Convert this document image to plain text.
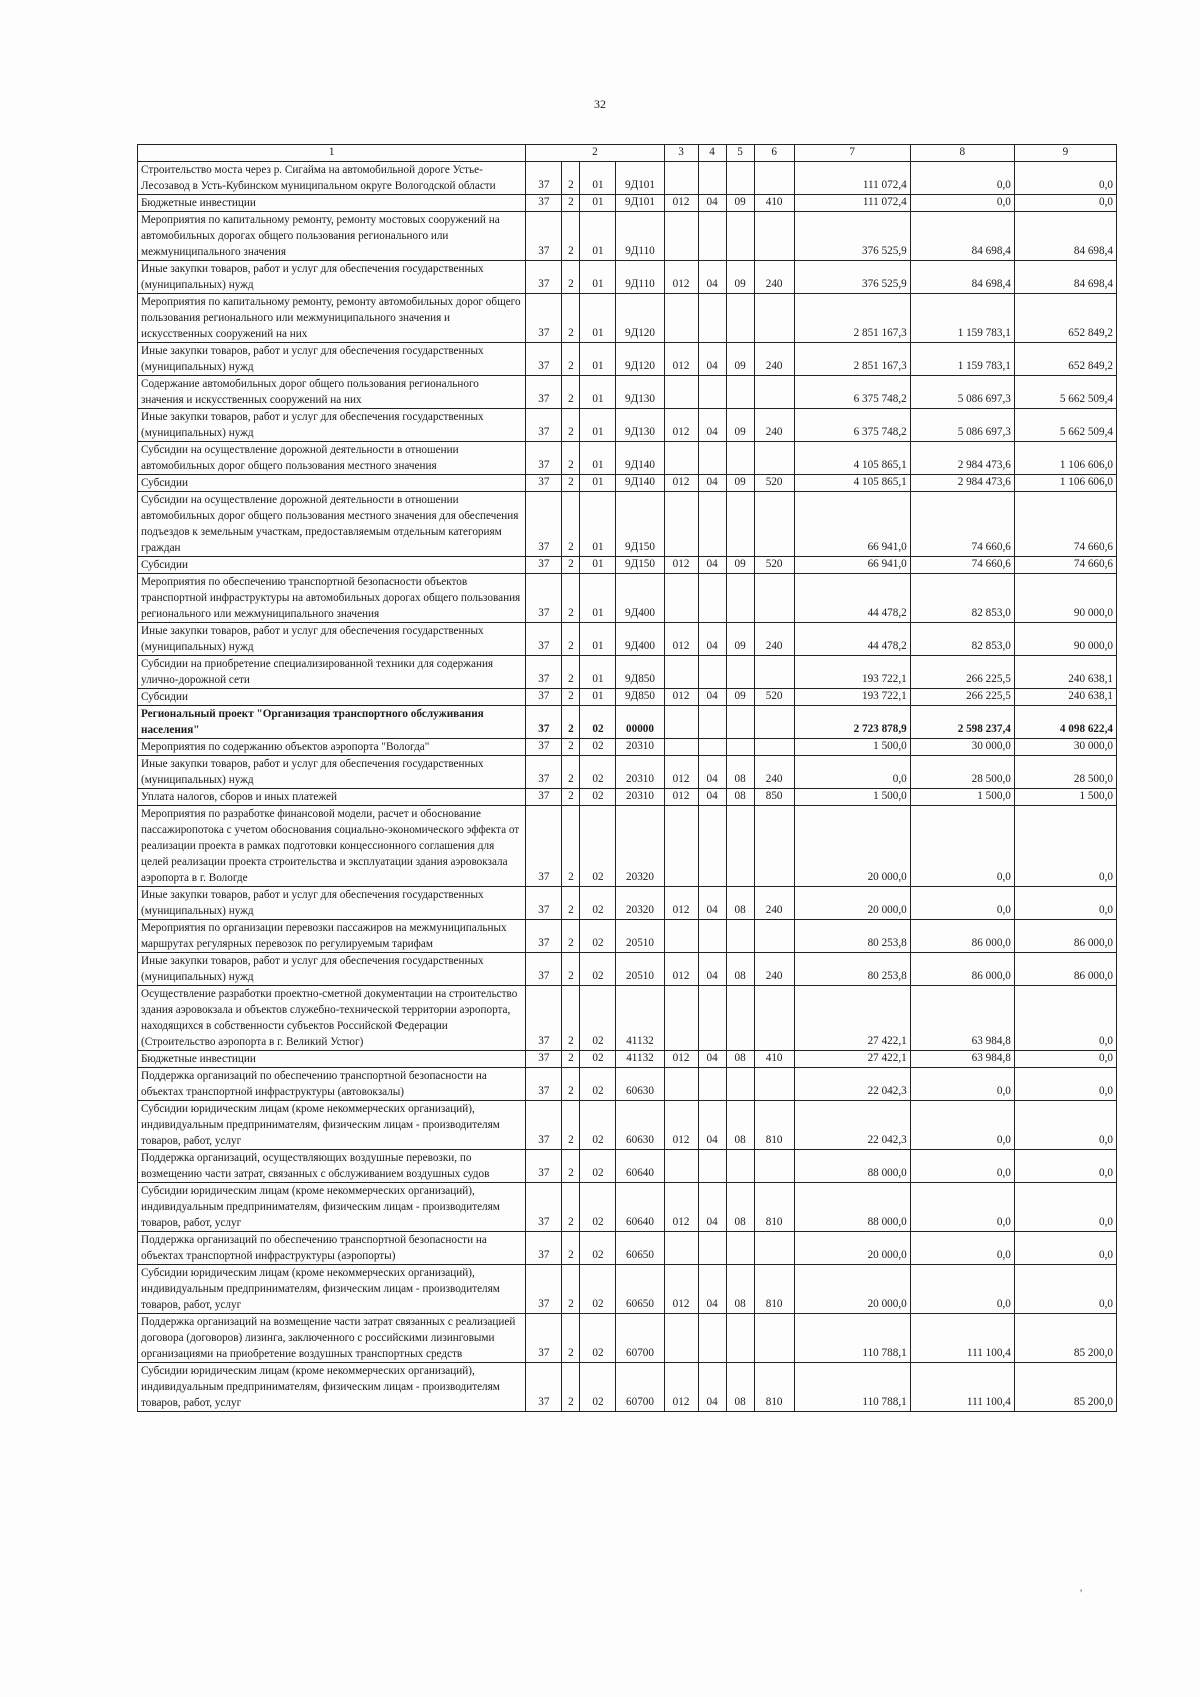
32
1	2				3	4	5	6	7	8	9
Строительство моста через р. Сигайма на автомобильной дороге Устье-Лесозавод в Усть-Кубинском муниципальном округе Вологодской области	37	2	01	9Д101					111 072,4	0,0	0,0
Бюджетные инвестиции	37	2	01	9Д101	012	04	09	410	111 072,4	0,0	0,0
Мероприятия по капитальному ремонту, ремонту мостовых сооружений на автомобильных дорогах общего пользования регионального или межмуниципального значения	37	2	01	9Д110					376 525,9	84 698,4	84 698,4
Иные закупки товаров, работ и услуг для обеспечения государственных (муниципальных) нужд	37	2	01	9Д110	012	04	09	240	376 525,9	84 698,4	84 698,4
Мероприятия по капитальному ремонту, ремонту автомобильных дорог общего пользования регионального или межмуниципального значения и искусственных сооружений на них	37	2	01	9Д120					2 851 167,3	1 159 783,1	652 849,2
Иные закупки товаров, работ и услуг для обеспечения государственных (муниципальных) нужд	37	2	01	9Д120	012	04	09	240	2 851 167,3	1 159 783,1	652 849,2
Содержание автомобильных дорог общего пользования регионального значения и искусственных сооружений на них	37	2	01	9Д130					6 375 748,2	5 086 697,3	5 662 509,4
Иные закупки товаров, работ и услуг для обеспечения государственных (муниципальных) нужд	37	2	01	9Д130	012	04	09	240	6 375 748,2	5 086 697,3	5 662 509,4
Субсидии на осуществление дорожной деятельности в отношении автомобильных дорог общего пользования местного значения	37	2	01	9Д140					4 105 865,1	2 984 473,6	1 106 606,0
Субсидии	37	2	01	9Д140	012	04	09	520	4 105 865,1	2 984 473,6	1 106 606,0
Субсидии на осуществление дорожной деятельности в отношении автомобильных дорог общего пользования местного значения для обеспечения подъездов к земельным участкам, предоставляемым отдельным категориям граждан	37	2	01	9Д150					66 941,0	74 660,6	74 660,6
Субсидии	37	2	01	9Д150	012	04	09	520	66 941,0	74 660,6	74 660,6
Мероприятия по обеспечению транспортной безопасности объектов транспортной инфраструктуры на автомобильных дорогах общего пользования регионального или межмуниципального значения	37	2	01	9Д400					44 478,2	82 853,0	90 000,0
Иные закупки товаров, работ и услуг для обеспечения государственных (муниципальных) нужд	37	2	01	9Д400	012	04	09	240	44 478,2	82 853,0	90 000,0
Субсидии на приобретение специализированной техники для содержания улично-дорожной сети	37	2	01	9Д850					193 722,1	266 225,5	240 638,1
Субсидии	37	2	01	9Д850	012	04	09	520	193 722,1	266 225,5	240 638,1
Региональный проект "Организация транспортного обслуживания населения"	37	2	02	00000					2 723 878,9	2 598 237,4	4 098 622,4
Мероприятия по содержанию объектов аэропорта "Вологда"	37	2	02	20310					1 500,0	30 000,0	30 000,0
Иные закупки товаров, работ и услуг для обеспечения государственных (муниципальных) нужд	37	2	02	20310	012	04	08	240	0,0	28 500,0	28 500,0
Уплата налогов, сборов и иных платежей	37	2	02	20310	012	04	08	850	1 500,0	1 500,0	1 500,0
Мероприятия по разработке финансовой модели, расчет и обоснование пассажиропотока с учетом обоснования социально-экономического эффекта от реализации проекта в рамках подготовки концессионного соглашения для целей реализации проекта строительства и эксплуатации здания аэровокзала аэропорта в г. Вологде	37	2	02	20320					20 000,0	0,0	0,0
Иные закупки товаров, работ и услуг для обеспечения государственных (муниципальных) нужд	37	2	02	20320	012	04	08	240	20 000,0	0,0	0,0
Мероприятия по организации перевозки пассажиров на межмуниципальных маршрутах регулярных перевозок по регулируемым тарифам	37	2	02	20510					80 253,8	86 000,0	86 000,0
Иные закупки товаров, работ и услуг для обеспечения государственных (муниципальных) нужд	37	2	02	20510	012	04	08	240	80 253,8	86 000,0	86 000,0
Осуществление разработки проектно-сметной документации на строительство здания аэровокзала и объектов служебно-технической территории аэропорта, находящихся в собственности субъектов Российской Федерации (Строительство аэропорта в г. Великий Устюг)	37	2	02	41132					27 422,1	63 984,8	0,0
Бюджетные инвестиции	37	2	02	41132	012	04	08	410	27 422,1	63 984,8	0,0
Поддержка организаций по обеспечению транспортной безопасности на объектах транспортной инфраструктуры (автовокзалы)	37	2	02	60630					22 042,3	0,0	0,0
Субсидии юридическим лицам (кроме некоммерческих организаций), индивидуальным предпринимателям, физическим лицам - производителям товаров, работ, услуг	37	2	02	60630	012	04	08	810	22 042,3	0,0	0,0
Поддержка организаций, осуществляющих воздушные перевозки, по возмещению части затрат, связанных с обслуживанием воздушных судов	37	2	02	60640					88 000,0	0,0	0,0
Субсидии юридическим лицам (кроме некоммерческих организаций), индивидуальным предпринимателям, физическим лицам - производителям товаров, работ, услуг	37	2	02	60640	012	04	08	810	88 000,0	0,0	0,0
Поддержка организаций по обеспечению транспортной безопасности на объектах транспортной инфраструктуры (аэропорты)	37	2	02	60650					20 000,0	0,0	0,0
Субсидии юридическим лицам (кроме некоммерческих организаций), индивидуальным предпринимателям, физическим лицам - производителям товаров, работ, услуг	37	2	02	60650	012	04	08	810	20 000,0	0,0	0,0
Поддержка организаций на возмещение части затрат связанных с реализацией договора (договоров) лизинга, заключенного с российскими лизинговыми организациями на приобретение воздушных транспортных средств	37	2	02	60700					110 788,1	111 100,4	85 200,0
Субсидии юридическим лицам (кроме некоммерческих организаций), индивидуальным предпринимателям, физическим лицам - производителям товаров, работ, услуг	37	2	02	60700	012	04	08	810	110 788,1	111 100,4	85 200,0
'
